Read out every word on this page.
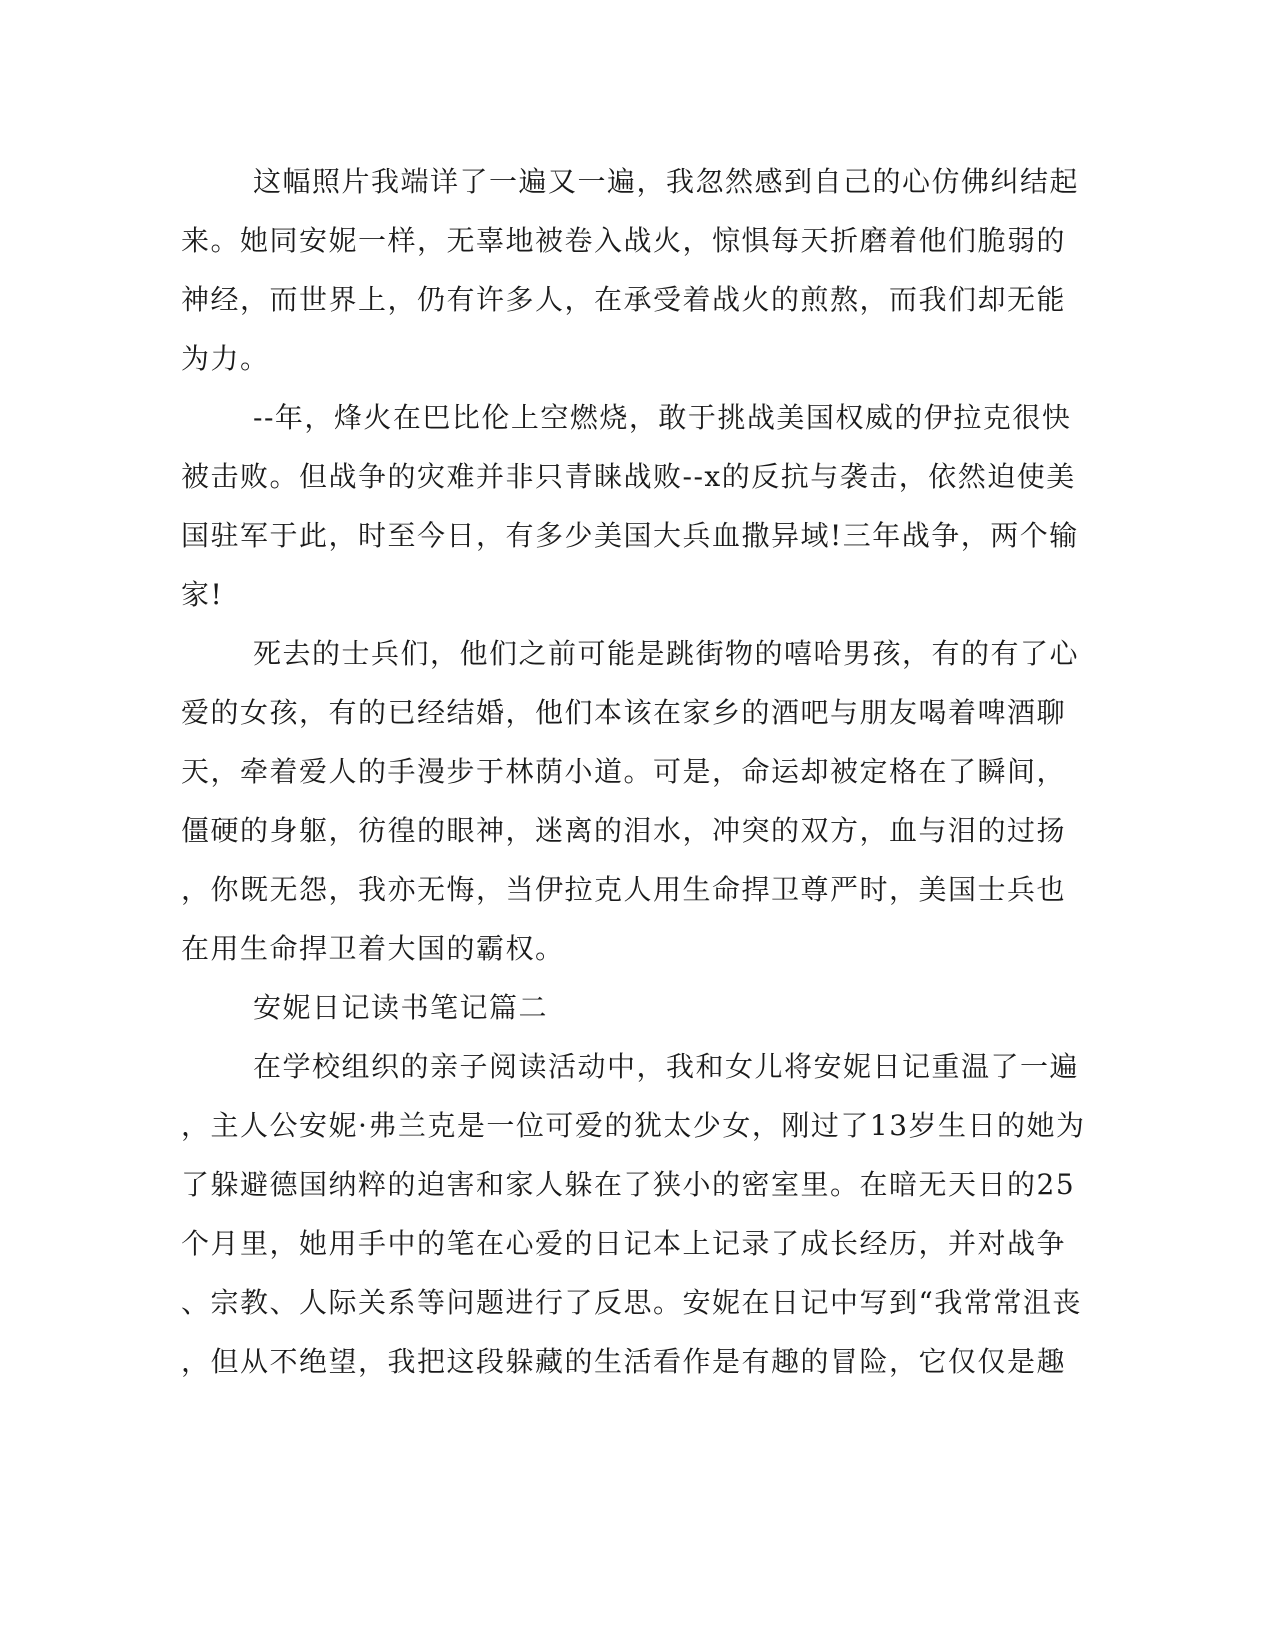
这幅照片我端详了一遍又一遍，我忽然感到自己的心仿佛纠结起
来。她同安妮一样，无辜地被卷入战火，惊惧每天折磨着他们脆弱的
神经，而世界上，仍有许多人，在承受着战火的煎熬，而我们却无能
为力。
--年，烽火在巴比伦上空燃烧，敢于挑战美国权威的伊拉克很快
被击败。但战争的灾难并非只青睐战败--x的反抗与袭击，依然迫使美
国驻军于此，时至今日，有多少美国大兵血撒异域!三年战争，两个输
家!
死去的士兵们，他们之前可能是跳街物的嘻哈男孩，有的有了心
爱的女孩，有的已经结婚，他们本该在家乡的酒吧与朋友喝着啤酒聊
天，牵着爱人的手漫步于林荫小道。可是，命运却被定格在了瞬间，
僵硬的身躯，彷徨的眼神，迷离的泪水，冲突的双方，血与泪的过扬
，你既无怨，我亦无悔，当伊拉克人用生命捍卫尊严时，美国士兵也
在用生命捍卫着大国的霸权。
安妮日记读书笔记篇二
在学校组织的亲子阅读活动中，我和女儿将安妮日记重温了一遍
，主人公安妮·弗兰克是一位可爱的犹太少女，刚过了13岁生日的她为
了躲避德国纳粹的迫害和家人躲在了狭小的密室里。在暗无天日的25
个月里，她用手中的笔在心爱的日记本上记录了成长经历，并对战争
、宗教、人际关系等问题进行了反思。安妮在日记中写到“我常常沮丧
，但从不绝望，我把这段躲藏的生活看作是有趣的冒险，它仅仅是趣
